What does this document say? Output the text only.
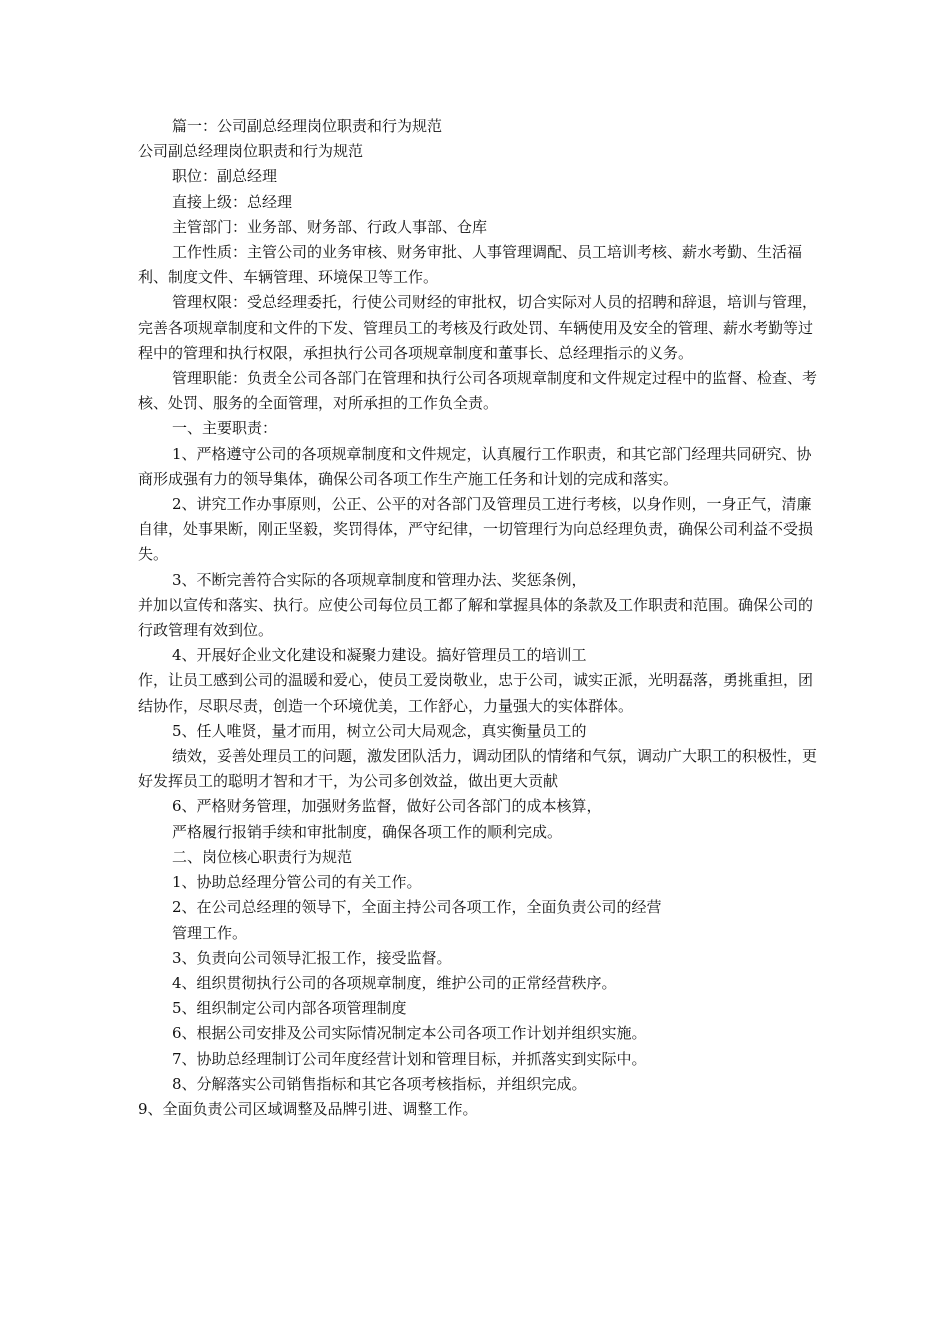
篇一：公司副总经理岗位职责和行为规范

公司副总经理岗位职责和行为规范

职位：副总经理

直接上级：总经理

主管部门：业务部、财务部、行政人事部、仓库

工作性质：主管公司的业务审核、财务审批、人事管理调配、员工培训考核、薪水考勤、生活福利、制度文件、车辆管理、环境保卫等工作。

管理权限：受总经理委托，行使公司财经的审批权，切合实际对人员的招聘和辞退，培训与管理，完善各项规章制度和文件的下发、管理员工的考核及行政处罚、车辆使用及安全的管理、薪水考勤等过程中的管理和执行权限，承担执行公司各项规章制度和董事长、总经理指示的义务。

管理职能：负责全公司各部门在管理和执行公司各项规章制度和文件规定过程中的监督、检查、考核、处罚、服务的全面管理，对所承担的工作负全责。

一、主要职责：

1、严格遵守公司的各项规章制度和文件规定，认真履行工作职责，和其它部门经理共同研究、协商形成强有力的领导集体，确保公司各项工作生产施工任务和计划的完成和落实。

2、讲究工作办事原则，公正、公平的对各部门及管理员工进行考核，以身作则，一身正气，清廉自律，处事果断，刚正坚毅，奖罚得体，严守纪律，一切管理行为向总经理负责，确保公司利益不受损失。

3、不断完善符合实际的各项规章制度和管理办法、奖惩条例，

并加以宣传和落实、执行。应使公司每位员工都了解和掌握具体的条款及工作职责和范围。确保公司的行政管理有效到位。

4、开展好企业文化建设和凝聚力建设。搞好管理员工的培训工

作，让员工感到公司的温暖和爱心，使员工爱岗敬业，忠于公司，诚实正派，光明磊落，勇挑重担，团结协作，尽职尽责，创造一个环境优美，工作舒心，力量强大的实体群体。

5、任人唯贤，量才而用，树立公司大局观念，真实衡量员工的

绩效，妥善处理员工的问题，激发团队活力，调动团队的情绪和气氛，调动广大职工的积极性，更好发挥员工的聪明才智和才干，为公司多创效益，做出更大贡献

6、严格财务管理，加强财务监督，做好公司各部门的成本核算，

严格履行报销手续和审批制度，确保各项工作的顺利完成。

二、岗位核心职责行为规范

1、协助总经理分管公司的有关工作。

2、在公司总经理的领导下，全面主持公司各项工作，全面负责公司的经营管理工作。

3、负责向公司领导汇报工作，接受监督。

4、组织贯彻执行公司的各项规章制度，维护公司的正常经营秩序。

5、组织制定公司内部各项管理制度

6、根据公司安排及公司实际情况制定本公司各项工作计划并组织实施。

7、协助总经理制订公司年度经营计划和管理目标，并抓落实到实际中。

8、分解落实公司销售指标和其它各项考核指标，并组织完成。

9、全面负责公司区域调整及品牌引进、调整工作。
